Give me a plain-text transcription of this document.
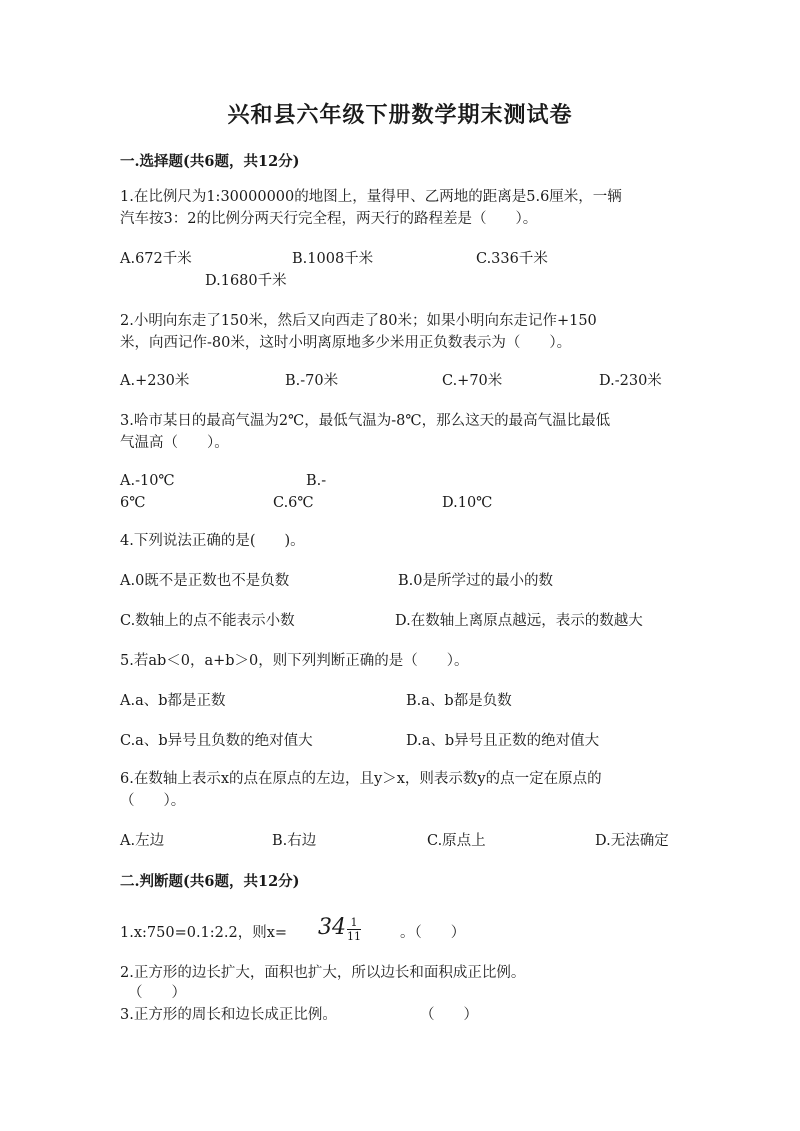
兴和县六年级下册数学期末测试卷
一.选择题(共6题，共12分)
1.在比例尺为1:30000000的地图上，量得甲、乙两地的距离是5.6厘米，一辆
汽车按3：2的比例分两天行完全程，两天行的路程差是（　　）。
A.672千米	B.1008千米	C.336千米
D.1680千米
2.小明向东走了150米，然后又向西走了80米；如果小明向东走记作+150
米，向西记作-80米，这时小明离原地多少米用正负数表示为（　　）。
A.+230米	B.-70米	C.+70米	D.-230米
3.哈市某日的最高气温为2℃，最低气温为-8℃，那么这天的最高气温比最低
气温高（　　）。
A.-10℃	B.-
6℃	C.6℃	D.10℃
4.下列说法正确的是(　　)。
A.0既不是正数也不是负数	B.0是所学过的最小的数
C.数轴上的点不能表示小数	D.在数轴上离原点越远，表示的数越大
5.若ab＜0，a+b＞0，则下列判断正确的是（　　）。
A.a、b都是正数	B.a、b都是负数
C.a、b异号且负数的绝对值大	D.a、b异号且正数的绝对值大
6.在数轴上表示x的点在原点的左边，且y＞x，则表示数y的点一定在原点的
（　　）。
A.左边	B.右边	C.原点上	D.无法确定
二.判断题(共6题，共12分)
1.x:750=0.1:2.2，则$x= 34 \frac{1}{11}$	。（　　）
2.正方形的边长扩大，面积也扩大，所以边长和面积成正比例。
（　　）
3.正方形的周长和边长成正比例。	（　　）
